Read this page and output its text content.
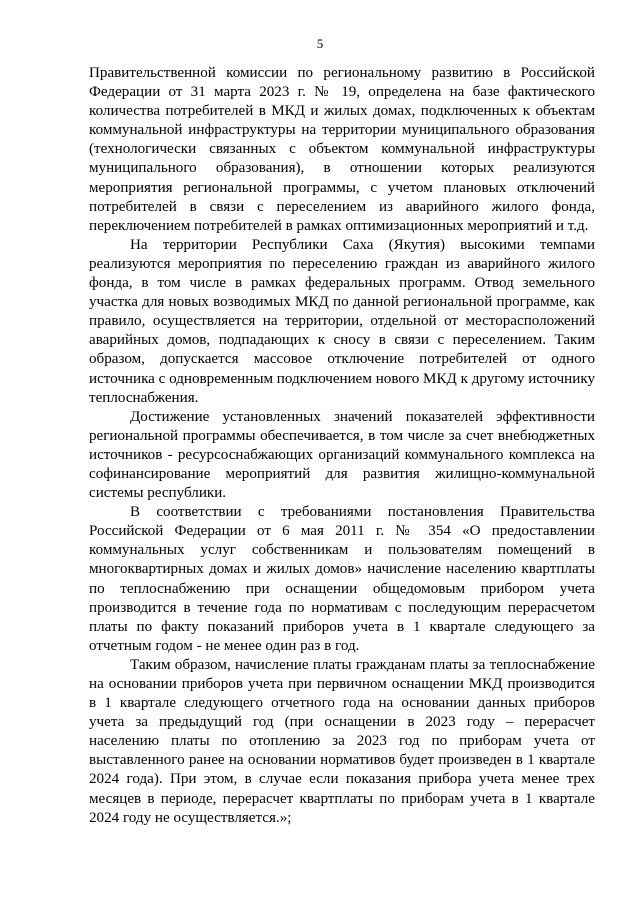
5

Правительственной комиссии по региональному развитию в Российской Федерации от 31 марта 2023 г. № 19, определена на базе фактического количества потребителей в МКД и жилых домах, подключенных к объектам коммунальной инфраструктуры на территории муниципального образования (технологически связанных с объектом коммунальной инфраструктуры муниципального образования), в отношении которых реализуются мероприятия региональной программы, с учетом плановых отключений потребителей в связи с переселением из аварийного жилого фонда, переключением потребителей в рамках оптимизационных мероприятий и т.д.

На территории Республики Саха (Якутия) высокими темпами реализуются мероприятия по переселению граждан из аварийного жилого фонда, в том числе в рамках федеральных программ. Отвод земельного участка для новых возводимых МКД по данной региональной программе, как правило, осуществляется на территории, отдельной от месторасположений аварийных домов, подпадающих к сносу в связи с переселением. Таким образом, допускается массовое отключение потребителей от одного источника с одновременным подключением нового МКД к другому источнику теплоснабжения.

Достижение установленных значений показателей эффективности региональной программы обеспечивается, в том числе за счет внебюджетных источников - ресурсоснабжающих организаций коммунального комплекса на софинансирование мероприятий для развития жилищно-коммунальной системы республики.

В соответствии с требованиями постановления Правительства Российской Федерации от 6 мая 2011 г. № 354 «О предоставлении коммунальных услуг собственникам и пользователям помещений в многоквартирных домах и жилых домов» начисление населению квартплаты по теплоснабжению при оснащении общедомовым прибором учета производится в течение года по нормативам с последующим перерасчетом платы по факту показаний приборов учета в 1 квартале следующего за отчетным годом - не менее один раз в год.

Таким образом, начисление платы гражданам платы за теплоснабжение на основании приборов учета при первичном оснащении МКД производится в 1 квартале следующего отчетного года на основании данных приборов учета за предыдущий год (при оснащении в 2023 году – перерасчет населению платы по отоплению за 2023 год по приборам учета от выставленного ранее на основании нормативов будет произведен в 1 квартале 2024 года). При этом, в случае если показания прибора учета менее трех месяцев в периоде, перерасчет квартплаты по приборам учета в 1 квартале 2024 году не осуществляется.»;
